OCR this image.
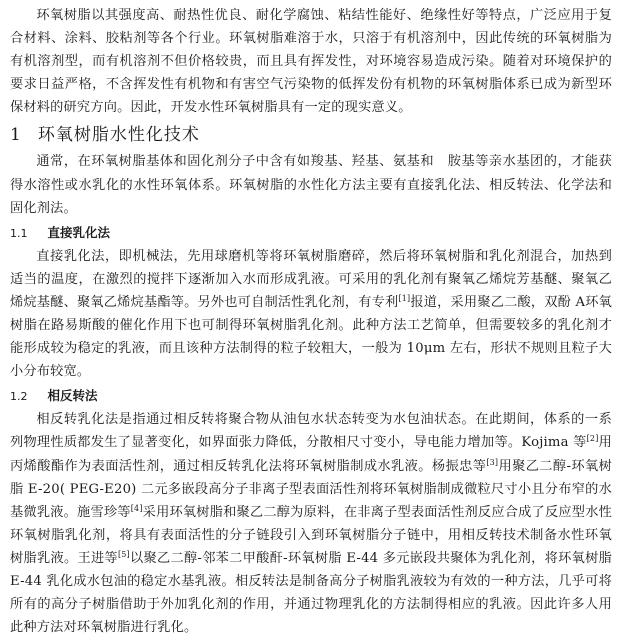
环氧树脂以其强度高、耐热性优良、耐化学腐蚀、粘结性能好、绝缘性好等特点，广泛应用于复合材料、涂料、胶粘剂等各个行业。环氧树脂难溶于水，只溶于有机溶剂中，因此传统的环氧树脂为有机溶剂型，而有机溶剂不但价格较贵，而且具有挥发性，对环境容易造成污染。随着对环境保护的要求日益严格，不含挥发性有机物和有害空气污染物的低挥发份有机物的环氧树脂体系已成为新型环保材料的研究方向。因此，开发水性环氧树脂具有一定的现实意义。

1 环氧树脂水性化技术

通常，在环氧树脂基体和固化剂分子中含有如羧基、羟基、氨基和　胺基等亲水基团的，才能获得水溶性或水乳化的水性环氧体系。环氧树脂的水性化方法主要有直接乳化法、相反转法、化学法和固化剂法。

1.1 直接乳化法

直接乳化法，即机械法，先用球磨机等将环氧树脂磨碎，然后将环氧树脂和乳化剂混合，加热到适当的温度，在激烈的搅拌下逐渐加入水而形成乳液。可采用的乳化剂有聚氧乙烯烷芳基醚、聚氧乙烯烷基醚、聚氧乙烯烷基酯等。另外也可自制活性乳化剂，有专利[1]报道，采用聚乙二酸，双酚 A环氧树脂在路易斯酸的催化作用下也可制得环氧树脂乳化剂。此种方法工艺简单，但需要较多的乳化剂才能形成较为稳定的乳液，而且该种方法制得的粒子较粗大，一般为 10μm 左右，形状不规则且粒子大小分布较宽。

1.2 相反转法

相反转乳化法是指通过相反转将聚合物从油包水状态转变为水包油状态。在此期间，体系的一系列物理性质都发生了显著变化，如界面张力降低，分散相尺寸变小，导电能力增加等。Kojima 等[2]用丙烯酸酯作为表面活性剂，通过相反转乳化法将环氧树脂制成水乳液。杨振忠等[3]用聚乙二醇-环氧树脂 E-20( PEG-E20) 二元多嵌段高分子非离子型表面活性剂将环氧树脂制成微粒尺寸小且分布窄的水基微乳液。施雪珍等[4]采用环氧树脂和聚乙二醇为原料，在非离子型表面活性剂反应合成了反应型水性环氧树脂乳化剂，将具有表面活性的分子链段引入到环氧树脂分子链中，用相反转技术制备水性环氧树脂乳液。王进等[5]以聚乙二醇-邻苯二甲酸酐-环氧树脂 E-44 多元嵌段共聚体为乳化剂，将环氧树脂 E-44 乳化成水包油的稳定水基乳液。相反转法是制备高分子树脂乳液较为有效的一种方法，几乎可将所有的高分子树脂借助于外加乳化剂的作用，并通过物理乳化的方法制得相应的乳液。因此许多人用此种方法对环氧树脂进行乳化。
